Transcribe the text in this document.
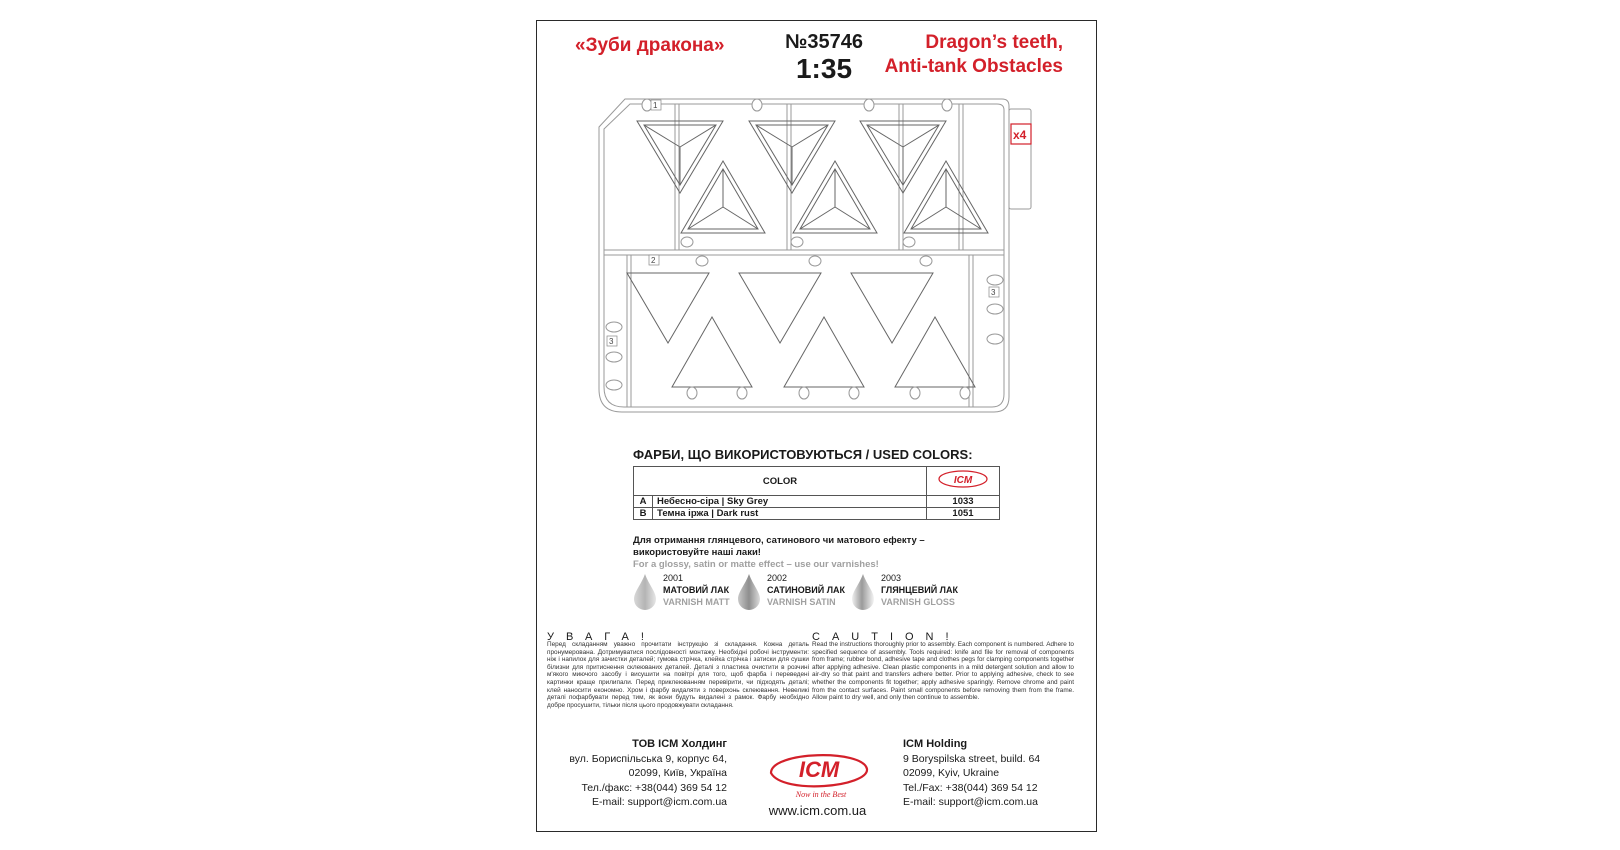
«Зуби дракона»	№35746
1:35
Dragon’s teeth,
Anti-tank Obstacles
1
2
3
3
x4
ФАРБИ, ЩО ВИКОРИСТОВУЮТЬСЯ / USED COLORS:
COLOR		ICM

A	Небесно-сіра | Sky Grey	1033
B	Темна іржа | Dark rust	1051
Для отримання глянцевого, сатинового чи матового ефекту –
використовуйте наші лаки!
For a glossy, satin or matte effect – use our varnishes!
2001
МАТОВИЙ ЛАК
VARNISH MATT
2002
САТИНОВИЙ ЛАК
VARNISH SATIN
2003
ГЛЯНЦЕВИЙ ЛАК
VARNISH GLOSS
УВАГА!	CAUTION!
Перед складанням уважно прочитати інструкцію зі складання. Кожна деталь пронумерована. Дотримуватися послідовності монтажу. Необхідні робочі інструменти: ніж і напилок для зачистки деталей; гумова стрічка, клейка стрічка і затиски для сушки білизни для притиснення склеюваних деталей. Деталі з пластика очистити в розчині м'якого миючого засобу і висушити на повітрі для того, щоб фарба і переведені картинки краще прилипали. Перед приклеюванням перевірити, чи підходять деталі; клей наносити економно. Хром і фарбу видаляти з поверхонь склеювання. Невеликі деталі пофарбувати перед тим, як вони будуть видалені з рамок. Фарбу необхідно добре просушити, тільки після цього продовжувати складання.
Read the instructions thoroughly prior to assembly. Each component is numbered. Adhere to specified sequence of assembly. Tools required: knife and file for removal of components from frame; rubber bond, adhesive tape and clothes pegs for clamping components together after applying adhesive. Clean plastic components in a mild detergent solution and allow to air-dry so that paint and transfers adhere better. Prior to applying adhesive, check to see whether the components fit together; apply adhesive sparingly. Remove chrome and paint from the contact surfaces. Paint small components before removing them from the frame. Allow paint to dry well, and only then continue to assemble.
ТОВ ICM Холдинг
вул. Бориспільська 9, корпус 64,
02099, Київ, Україна
Тел./факс: +38(044) 369 54 12
E-mail: support@icm.com.ua
ICM
Now in the Best
ICM Holding
9 Boryspilska street, build. 64
02099, Kyiv, Ukraine
Tel./Fax: +38(044) 369 54 12
E-mail: support@icm.com.ua
www.icm.com.ua
